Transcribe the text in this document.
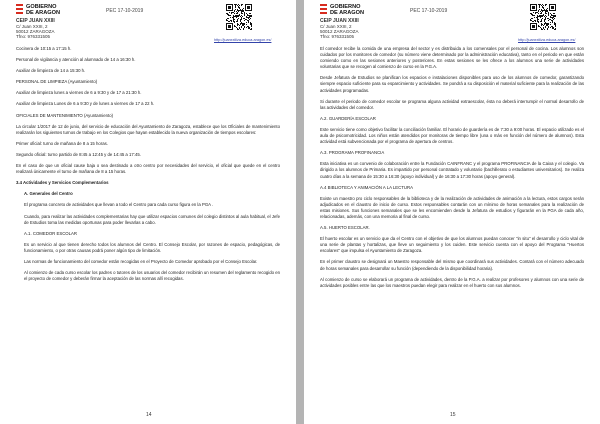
GOBIERNO
DE ARAGON
CEIP JUAN XXIII
C/ Juan XXIII, 2
50012 ZARAGOZA
Tfno: 976331505
PEC 17-10-2019
http://juanxxiiiza.educa.aragon.es/

Cocinera de 10:15 a 17:15 h.

Personal de vigilancia y atención al alumnado de 14 a 16:30 h.

Auxiliar de limpieza de 14 a 15:30 h.

PERSONAL DE LIMPIEZA (Ayuntamiento)

Auxiliar de limpieza lunes a viernes de 6 a 9:30 y de 17 a 21:30 h.

Auxiliar de limpieza Lunes de 6 a 9:30 y de lunes a viernes de 17 a 22 h.

OFICIALES DE MANTENIMIENTO (Ayuntamiento)

La circular 1/2017 de 12 de junio, del servicio de educación del Ayuntamiento de Zaragoza, establece que los Oficiales de mantenimiento realizarán los siguientes turnos de trabajo en los Colegios que hayan establecido la nueva organización de tiempos escolares:

Primer oficial: turno de mañana de 8 a 15 horas.

Segundo oficial: turno partido de 8:45 a 12:45 y de 14:45 a 17:45.

En el caso de que un oficial cause baja o sea destinado a otro centro por necesidades del servicio, el oficial que quede en el centro realizará únicamente el turno de mañana de 8 a 15 horas.

3.4 Actividades y Servicios Complementarios

A. Generales del Centro

El programa concreto de actividades que llevan a todo el Centro para cada curso figura en la PGA .

Cuando, para realizar las actividades complementarias hay que utilizar espacios comunes del colegio distintos al aula habitual, el Jefe de Estudios toma las medidas oportunas para poder llevarlas a cabo.

A.1. COMEDOR ESCOLAR

Es un servicio al que tienen derecho todos los alumnos del Centro. El Consejo Escolar, por razones de espacio, pedagógicas, de funcionamiento, o por otras causas podrá poner algún tipo de limitación.

Las normas de funcionamiento del comedor están recogidas en el Proyecto de Comedor aprobado por el Consejo Escolar.

Al comienzo de cada curso escolar los padres o tutores de los usuarios del comedor recibirán un resumen del reglamento recogido en el proyecto de comedor y deberán firmar la aceptación de las normas allí recogidas.

14
GOBIERNO
DE ARAGON
CEIP JUAN XXIII
C/ Juan XXIII, 2
50012 ZARAGOZA
Tfno: 976331505
PEC 17-10-2019
http://juanxxiiiza.educa.aragon.es/

El comedor recibe la comida de una empresa del sector y es distribuida a los comensales por el personal de cocina. Los alumnos son cuidados por los monitores de comedor (su número viene determinado por la administración educativa), tanto en el periodo en que están comiendo como en las sesiones anteriores y posteriores. En estas sesiones se les ofrece a los alumnos una serie de actividades voluntarias que se recogen al comienzo de curso en la P.G.A.

Desde Jefatura de Estudios se planifican los espacios e instalaciones disponibles para uso de los alumnos de comedor, garantizando siempre espacio suficiente para su esparcimiento y actividades. Se pondrá a su disposición el material suficiente para la realización de las actividades programadas.

Si durante el periodo de comedor escolar se programa alguna actividad extraescolar, ésta no deberá interrumpir el normal desarrollo de las actividades del comedor.

A.2. GUARDERÍA ESCOLAR

Este servicio tiene como objetivo facilitar la conciliación familiar. El horario de guardería es de 7:30 a 9:00 horas. El espacio utilizado es el aula de psicomotricidad. Los niños están atendidos por monitoras de tiempo libre (una o más en función del número de alumnos). Esta actividad está subvencionada por el programa de apertura de centros.

A.3. PROGRAMA PROFINANCIA

Esta iniciativa es un convenio de colaboración entre la Fundación CAINFRANC y el programa PROFINANCIA de la Caixa y el colegio. Va dirigido a los alumnos de Primaria. Es impartido por personal contratado y voluntario (bachillerato o estudiantes universitarios). Se realiza cuatro días a la semana de 15:30 a 16:30 (apoyo individual) y de 16:30 a 17:30 horas (apoyo general).

A.4 BIBLIOTECA Y ANIMACIÓN A LA LECTURA

Existe un maestro pro ciclo responsables de la biblioteca y de la realización de actividades de animación a la lectura, estos cargos serán adjudicados en el claustro de inicio de curso. Estos responsables contarán con un mínimo de horas semanales para la realización de estas misiones. Sus funciones semanales que se les encomienden desde la Jefatura de estudios y figurarán en la PGA de cada año, relacionadas, además, con una memoria al final de curso.

A.5. HUERTO ESCOLAR.

El huerto escolar es un servicio que da el Centro con el objetivo de que los alumnos puedan conocer "in situ" el desarrollo y ciclo vital de una serie de plantas y hortalizas, que lleve un seguimiento y los cuiden. Este servicio cuenta con el apoyo del Programa "Huertos escolares" que impulsa el Ayuntamiento de Zaragoza.

En el primer claustro se designará un Maestro responsable del mismo que coordinará sus actividades. Contará con el número adecuado de horas semanales para desarrollar su función (dependiendo de la disponibilidad horaria).

Al comienzo de curso se elaborará un programa de actividades, dentro de la P.G.A. a realizar por profesores y alumnos con una serie de actividades posibles entre las que los maestros puedan elegir para realizar en el huerto con sus alumnos.

15
